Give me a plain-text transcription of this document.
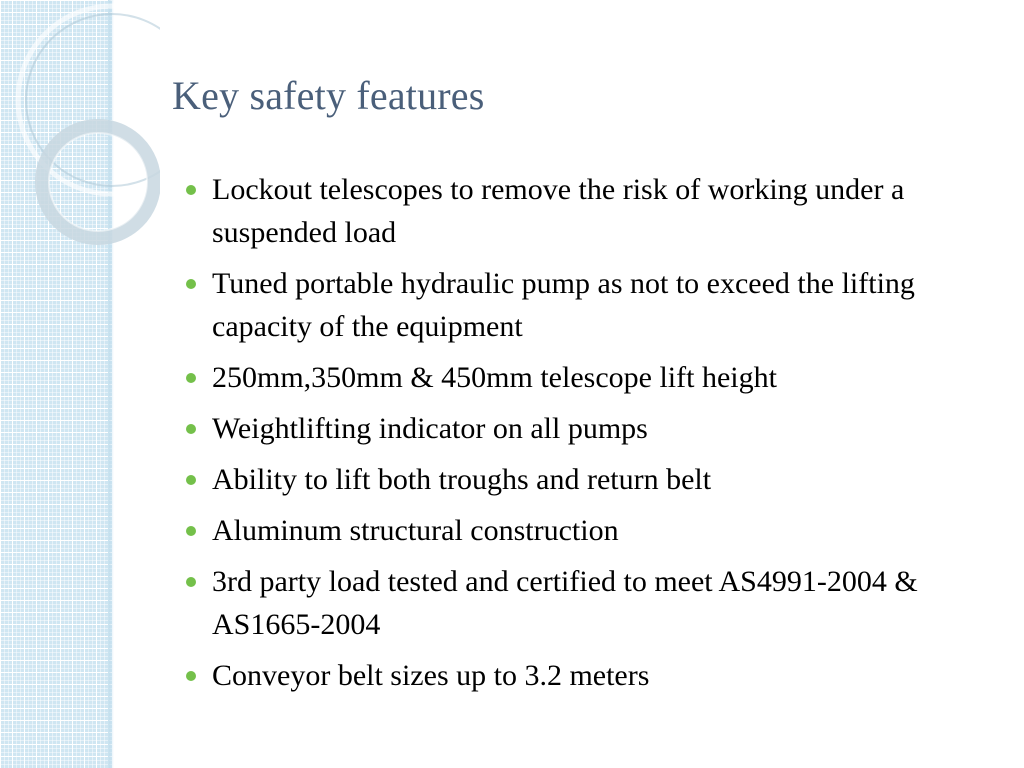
Key safety features
Lockout telescopes to remove the risk of working under a suspended load
Tuned portable hydraulic pump as not to exceed the lifting capacity of the equipment
250mm,350mm & 450mm telescope lift height
Weightlifting indicator on all pumps
Ability to lift both troughs and return belt
Aluminum structural construction
3rd party load tested and certified to meet AS4991-2004 & AS1665-2004
Conveyor belt sizes up to 3.2 meters
